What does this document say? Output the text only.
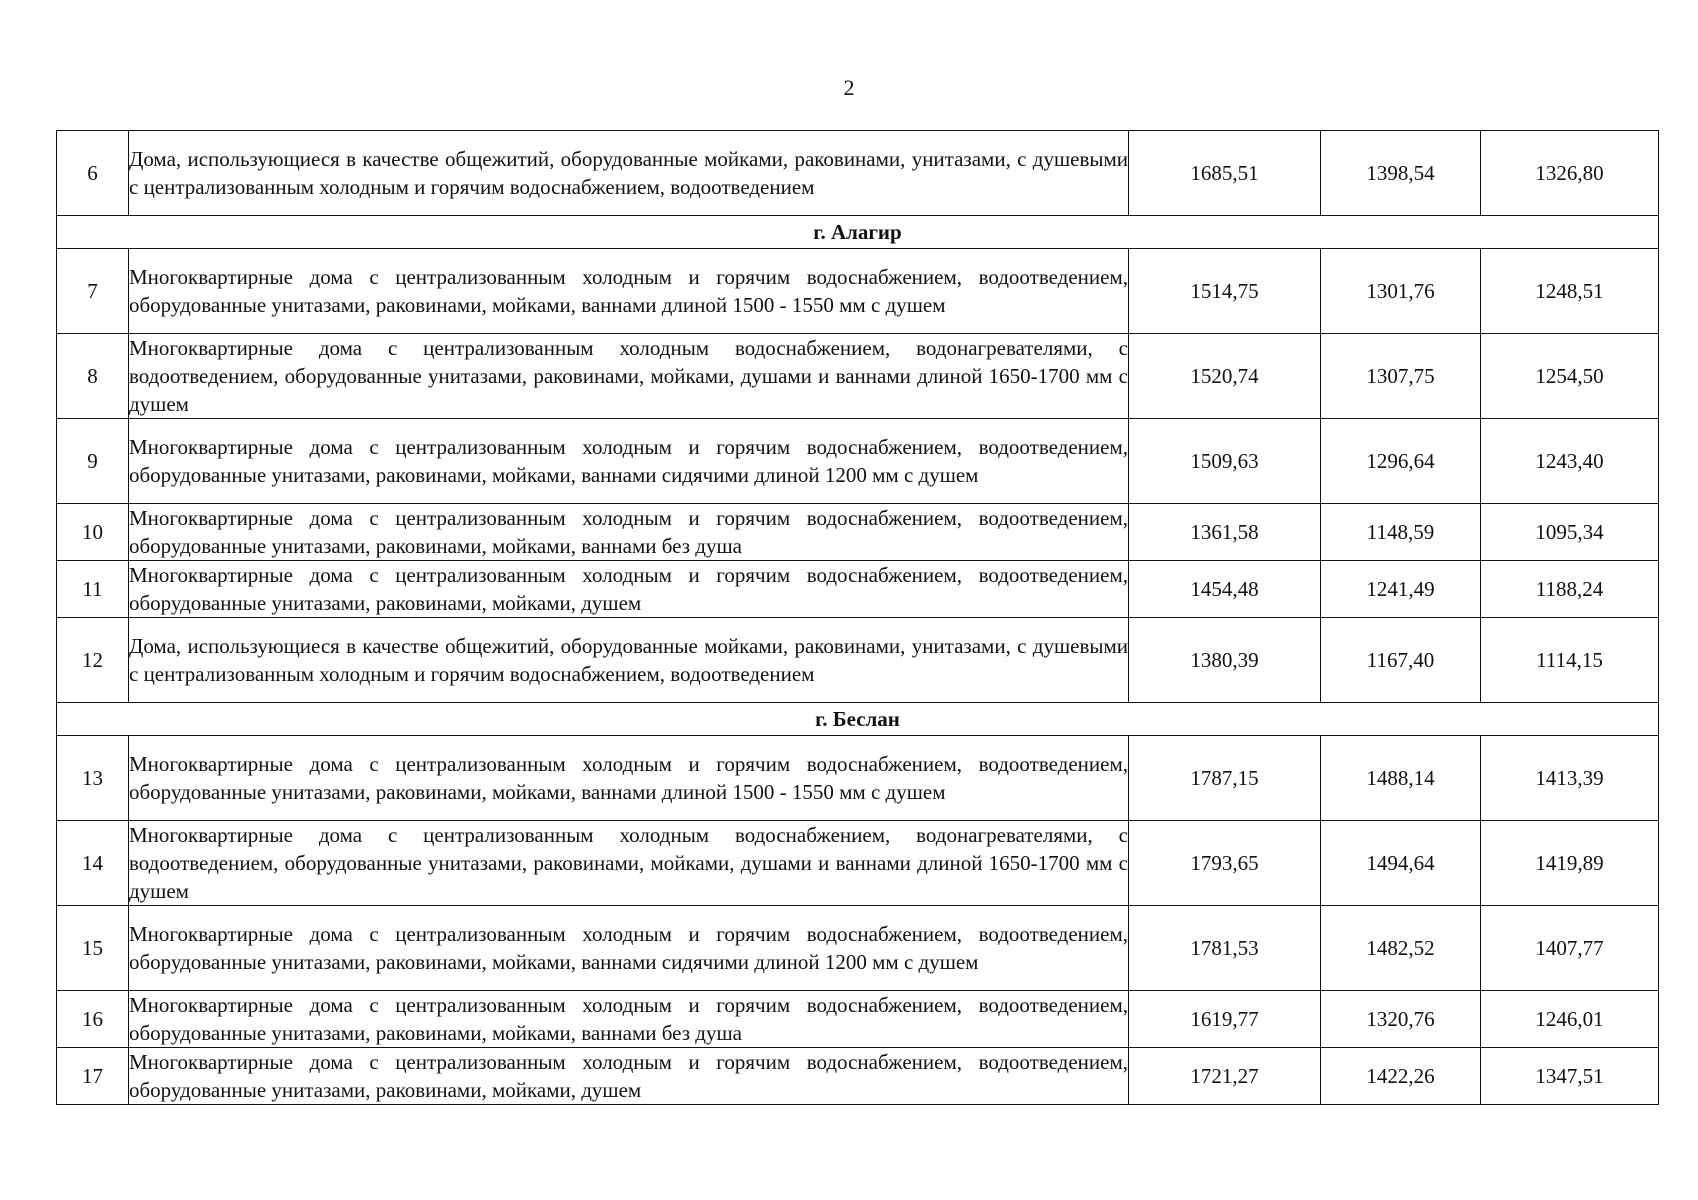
2
6	Дома, использующиеся в качестве общежитий, оборудованные мойками, раковинами, унитазами, с душевыми с централизованным холодным и горячим водоснабжением, водоотведением	1685,51	1398,54	1326,80
г. Алагир				
7	Многоквартирные дома с централизованным холодным и горячим водоснабжением, водоотведением, оборудованные унитазами, раковинами, мойками, ваннами длиной 1500 - 1550 мм с душем	1514,75	1301,76	1248,51
8	Многоквартирные дома с централизованным холодным водоснабжением, водонагревателями, с водоотведением, оборудованные унитазами, раковинами, мойками, душами и ваннами длиной 1650-1700 мм с душем	1520,74	1307,75	1254,50
9	Многоквартирные дома с централизованным холодным и горячим водоснабжением, водоотведением, оборудованные унитазами, раковинами, мойками, ваннами сидячими длиной 1200 мм с душем	1509,63	1296,64	1243,40
10	Многоквартирные дома с централизованным холодным и горячим водоснабжением, водоотведением, оборудованные унитазами, раковинами, мойками, ваннами без душа	1361,58	1148,59	1095,34
11	Многоквартирные дома с централизованным холодным и горячим водоснабжением, водоотведением, оборудованные унитазами, раковинами, мойками, душем	1454,48	1241,49	1188,24
12	Дома, использующиеся в качестве общежитий, оборудованные мойками, раковинами, унитазами, с душевыми с централизованным холодным и горячим водоснабжением, водоотведением	1380,39	1167,40	1114,15
г. Беслан				
13	Многоквартирные дома с централизованным холодным и горячим водоснабжением, водоотведением, оборудованные унитазами, раковинами, мойками, ваннами длиной 1500 - 1550 мм с душем	1787,15	1488,14	1413,39
14	Многоквартирные дома с централизованным холодным водоснабжением, водонагревателями, с водоотведением, оборудованные унитазами, раковинами, мойками, душами и ваннами длиной 1650-1700 мм с душем	1793,65	1494,64	1419,89
15	Многоквартирные дома с централизованным холодным и горячим водоснабжением, водоотведением, оборудованные унитазами, раковинами, мойками, ваннами сидячими длиной 1200 мм с душем	1781,53	1482,52	1407,77
16	Многоквартирные дома с централизованным холодным и горячим водоснабжением, водоотведением, оборудованные унитазами, раковинами, мойками, ваннами без душа	1619,77	1320,76	1246,01
17	Многоквартирные дома с централизованным холодным и горячим водоснабжением, водоотведением, оборудованные унитазами, раковинами, мойками, душем	1721,27	1422,26	1347,51
